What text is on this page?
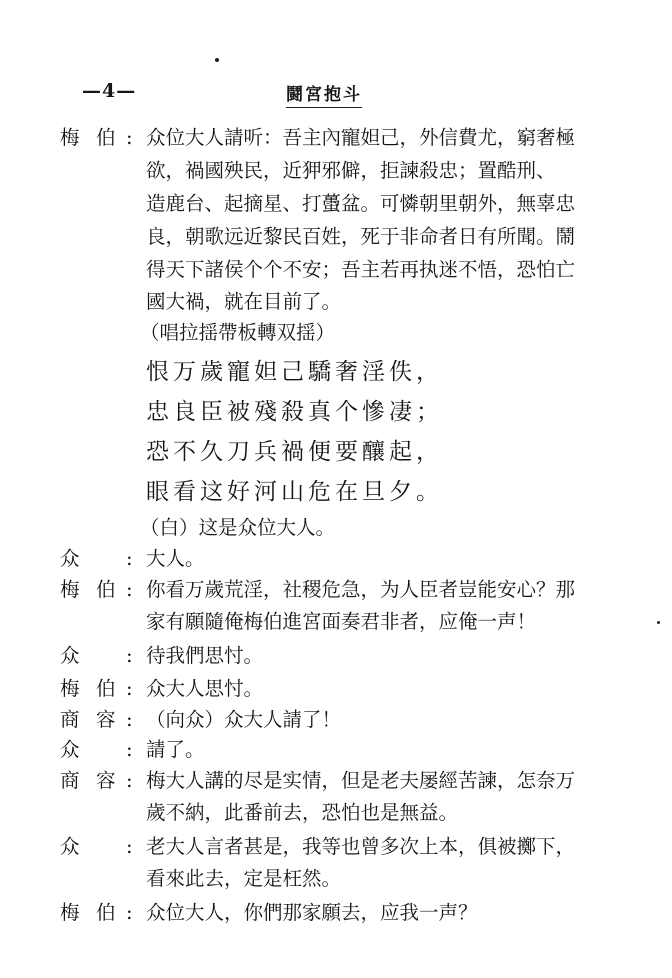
—4—	鬪宮抱斗
梅 伯 : 众位大人請听：吾主內寵妲己，外信費尤，窮奢極
欲，禍國殃民，近狎邪僻，拒諫殺忠；置酷刑、
造鹿台、起摘星、打蠆盆。可憐朝里朝外，無辜忠
良，朝歌远近黎民百姓，死于非命者日有所聞。鬧
得天下諸侯个个不安；吾主若再执迷不悟，恐怕亡
國大禍，就在目前了。
（唱拉揺帶板轉双揺）
恨万歲寵妲己驕奢淫佚，
忠良臣被殘殺真个慘凄；
恐不久刀兵禍便要釀起，
眼看这好河山危在旦夕。
（白）这是众位大人。
众 : 大人。
梅 伯 : 你看万歲荒淫，社稷危急，为人臣者豈能安心？那
家有願隨俺梅伯進宮面奏君非者，应俺一声！
众 : 待我們思忖。
梅 伯 : 众大人思忖。
商 容 : （向众）众大人請了！
众 : 請了。
商 容 : 梅大人講的尽是实情，但是老夫屡經苦諫，怎奈万
歲不納，此番前去，恐怕也是無益。
众 : 老大人言者甚是，我等也曾多次上本，俱被擲下，
看來此去，定是枉然。
梅 伯 : 众位大人，你們那家願去，应我一声？
